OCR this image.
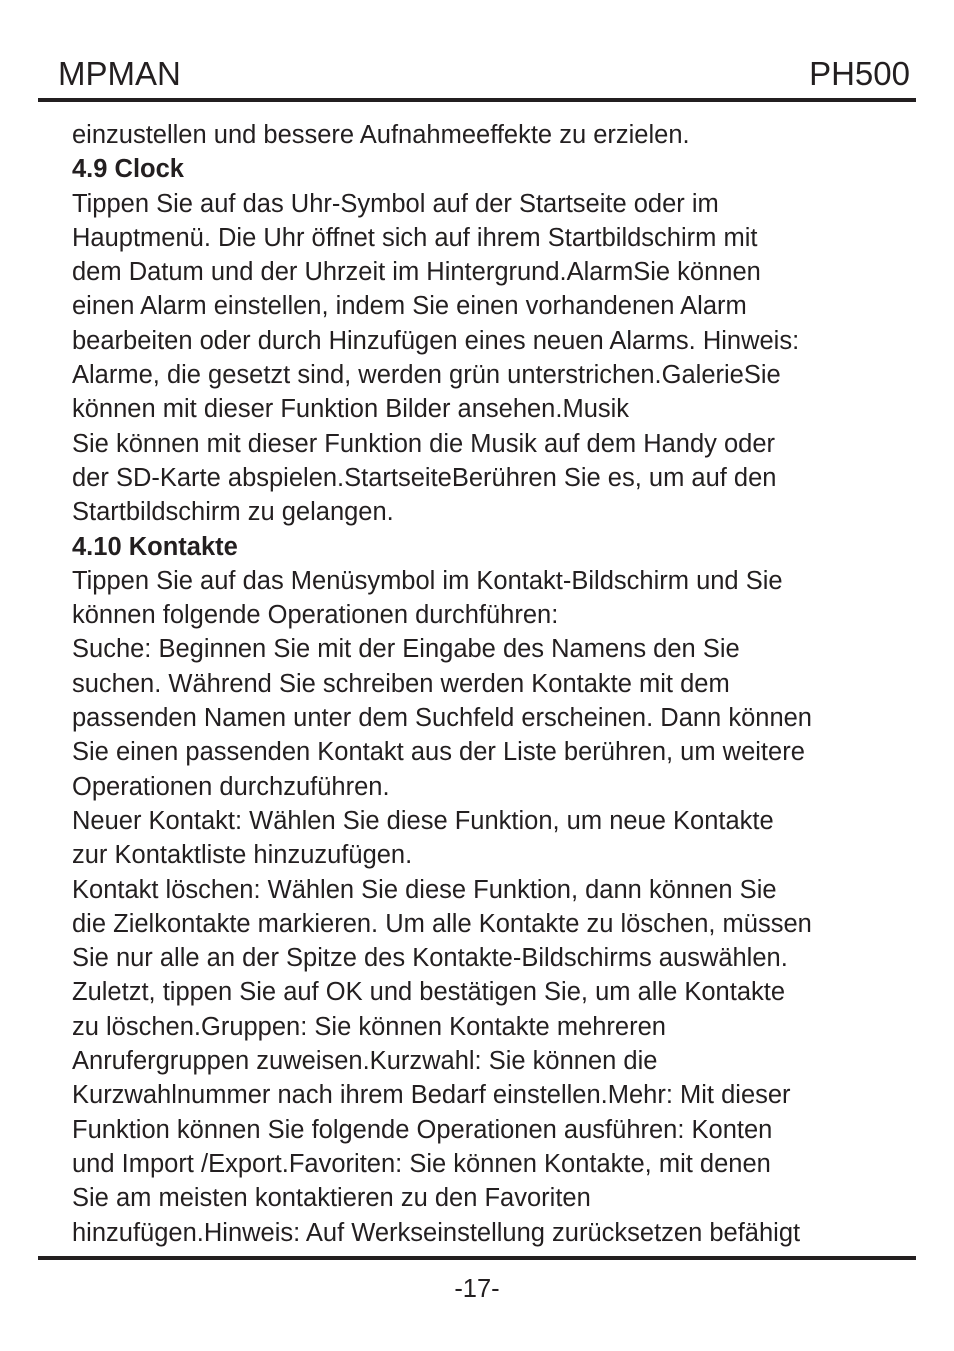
MPMAN	PH500
einzustellen und bessere Aufnahmeeffekte zu erzielen.
4.9 Clock
Tippen Sie auf das Uhr-Symbol auf der Startseite oder im
Hauptmenü. Die Uhr öffnet sich auf ihrem Startbildschirm mit
dem Datum und der Uhrzeit im Hintergrund.AlarmSie können
einen Alarm einstellen, indem Sie einen vorhandenen Alarm
bearbeiten oder durch Hinzufügen eines neuen Alarms. Hinweis:
Alarme, die gesetzt sind, werden grün unterstrichen.GalerieSie
können mit dieser Funktion Bilder ansehen.Musik
Sie können mit dieser Funktion die Musik auf dem Handy oder
der SD-Karte abspielen.StartseiteBerühren Sie es, um auf den
Startbildschirm zu gelangen.
4.10 Kontakte
Tippen Sie auf das Menüsymbol im Kontakt-Bildschirm und Sie
können folgende Operationen durchführen:
Suche: Beginnen Sie mit der Eingabe des Namens den Sie
suchen. Während Sie schreiben werden Kontakte mit dem
passenden Namen unter dem Suchfeld erscheinen. Dann können
Sie einen passenden Kontakt aus der Liste berühren, um weitere
Operationen durchzuführen.
Neuer Kontakt: Wählen Sie diese Funktion, um neue Kontakte
zur Kontaktliste hinzuzufügen.
Kontakt löschen: Wählen Sie diese Funktion, dann können Sie
die Zielkontakte markieren. Um alle Kontakte zu löschen, müssen
Sie nur alle an der Spitze des Kontakte-Bildschirms auswählen.
Zuletzt, tippen Sie auf OK und bestätigen Sie, um alle Kontakte
zu löschen.Gruppen: Sie können Kontakte mehreren
Anrufergruppen zuweisen.Kurzwahl: Sie können die
Kurzwahlnummer nach ihrem Bedarf einstellen.Mehr: Mit dieser
Funktion können Sie folgende Operationen ausführen: Konten
und Import /Export.Favoriten: Sie können Kontakte, mit denen
Sie am meisten kontaktieren zu den Favoriten
hinzufügen.Hinweis: Auf Werkseinstellung zurücksetzen befähigt
-17-
